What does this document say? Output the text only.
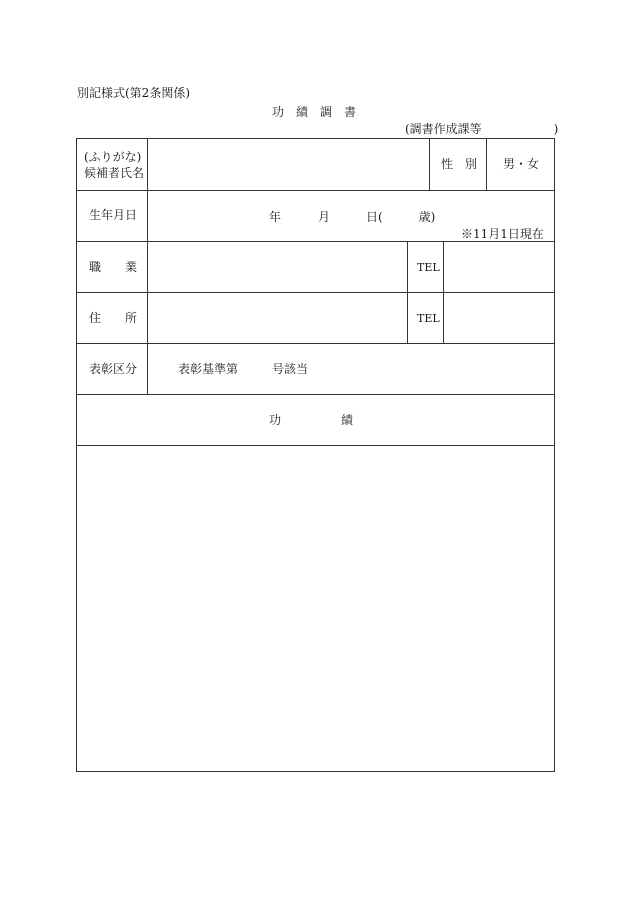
別記様式(第2条関係)
功　績　調　書
(調書作成課等　　　　　　)
(ふりがな)
候補者氏名
性　別 男・女
生年月日	年	月	日(　　　歳)
※11月1日現在
職　　業	TEL
住　　所	TEL
表彰区分	表彰基準第	号該当
功　　　　　績
